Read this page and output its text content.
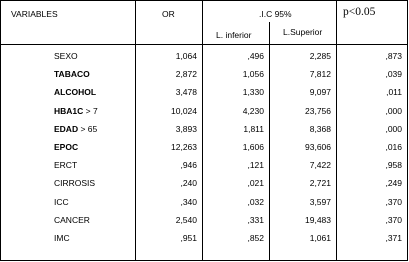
VARIABLES	OR	.I.C 95%
L. inferior	L.Superior
p<0.05
SEXO	1,064	,496	2,285	,873
TABACO	2,872	1,056	7,812	,039
ALCOHOL	3,478	1,330	9,097	,011
HBA1C > 7	10,024	4,230	23,756	,000
EDAD > 65	3,893	1,811	8,368	,000
EPOC	12,263	1,606	93,606	,016
ERCT	,946	,121	7,422	,958
CIRROSIS	,240	,021	2,721	,249
ICC	,340	,032	3,597	,370
CANCER	2,540	,331	19,483	,370
IMC	,951	,852	1,061	,371
